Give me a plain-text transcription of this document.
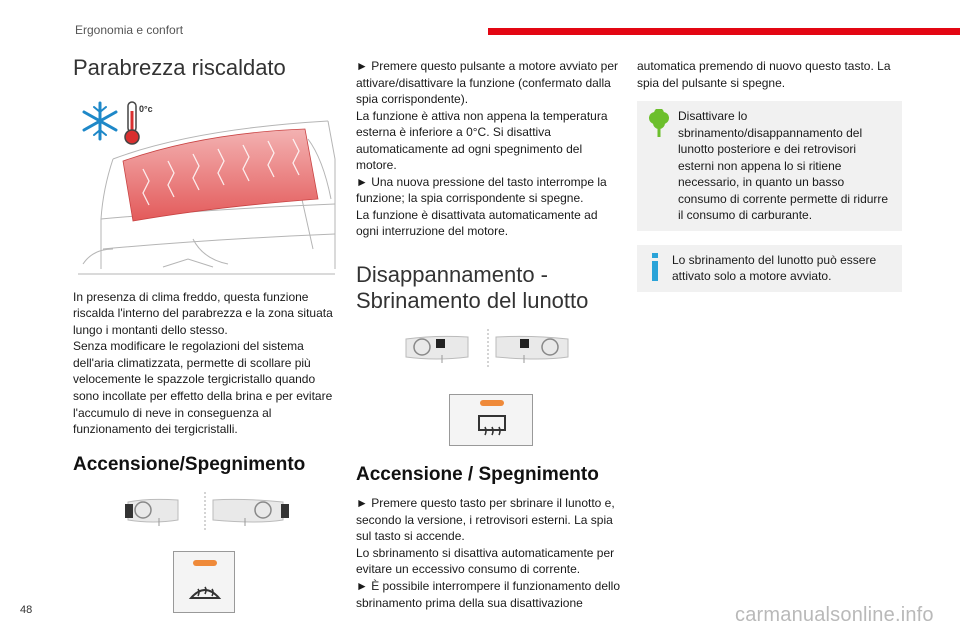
Ergonomia e confort
Parabrezza riscaldato
0°c

In presenza di clima freddo, questa funzione riscalda l'interno del parabrezza e la zona situata lungo i montanti dello stesso.

Senza modificare le regolazioni del sistema dell'aria climatizzata, permette di scollare più velocemente le spazzole tergicristallo quando sono incollate per effetto della brina e per evitare l'accumulo di neve in conseguenza al funzionamento dei tergicristalli.

Accensione/Spegnimento

► Premere questo pulsante a motore avviato per attivare/disattivare la funzione (confermato dalla spia corrispondente).

La funzione è attiva non appena la temperatura esterna è inferiore a 0°C. Si disattiva automaticamente ad ogni spegnimento del motore.

► Una nuova pressione del tasto interrompe la funzione; la spia corrispondente si spegne.

La funzione è disattivata automaticamente ad ogni interruzione del motore.

Disappannamento - Sbrinamento del lunotto
Accensione / Spegnimento

► Premere questo tasto per sbrinare il lunotto e, secondo la versione, i retrovisori esterni. La spia sul tasto si accende.

Lo sbrinamento si disattiva automaticamente per evitare un eccessivo consumo di corrente.

► È possibile interrompere il funzionamento dello sbrinamento prima della sua disattivazione

automatica premendo di nuovo questo tasto. La spia del pulsante si spegne.

Disattivare lo sbrinamento/disappannamento del lunotto posteriore e dei retrovisori esterni non appena lo si ritiene necessario, in quanto un basso consumo di corrente permette di ridurre il consumo di carburante.
Lo sbrinamento del lunotto può essere attivato solo a motore avviato.
48	carmanualsonline.info
